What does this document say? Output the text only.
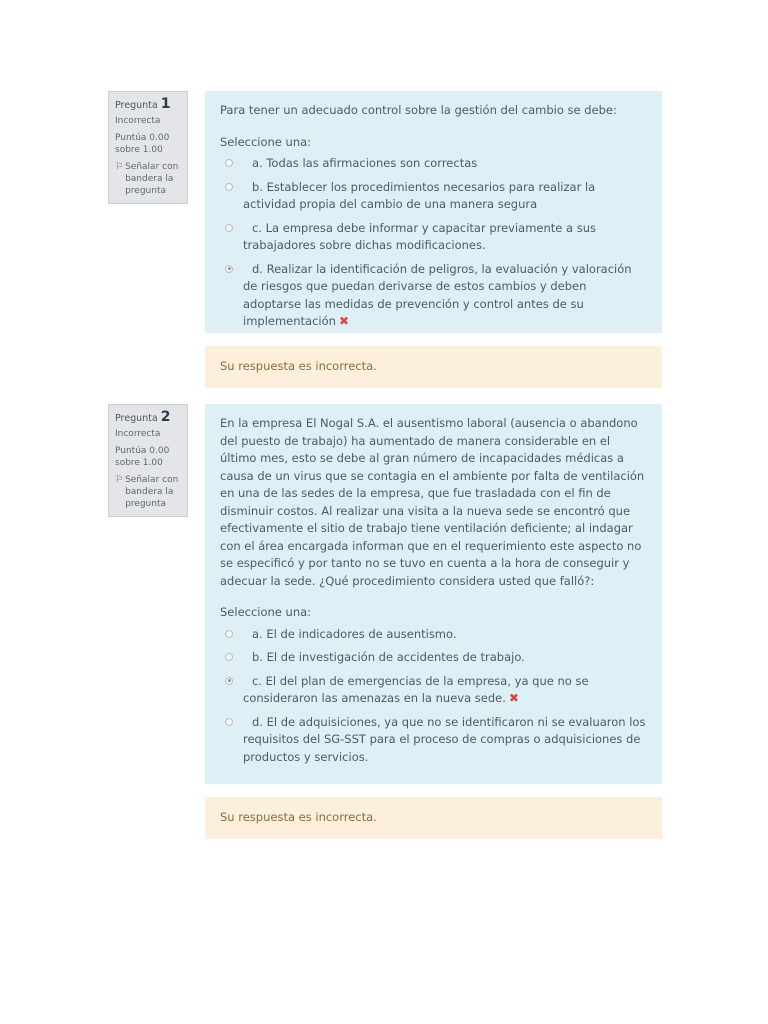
Pregunta 1
Incorrecta
Puntúa 0.00 sobre 1.00
⚐ Señalar con bandera la pregunta

Para tener un adecuado control sobre la gestión del cambio se debe:

Seleccione una:

a. Todas las afirmaciones son correctas
b. Establecer los procedimientos necesarios para realizar la actividad propia del cambio de una manera segura
c. La empresa debe informar y capacitar previamente a sus trabajadores sobre dichas modificaciones.
d. Realizar la identificación de peligros, la evaluación y valoración de riesgos que puedan derivarse de estos cambios y deben adoptarse las medidas de prevención y control antes de su implementación ✖
Su respuesta es incorrecta.
Pregunta 2
Incorrecta
Puntúa 0.00 sobre 1.00
⚐ Señalar con bandera la pregunta

En la empresa El Nogal S.A. el ausentismo laboral (ausencia o abandono del puesto de trabajo) ha aumentado de manera considerable en el último mes, esto se debe al gran número de incapacidades médicas a causa de un virus que se contagia en el ambiente por falta de ventilación en una de las sedes de la empresa, que fue trasladada con el fin de disminuir costos. Al realizar una visita a la nueva sede se encontró que efectivamente el sitio de trabajo tiene ventilación deficiente; al indagar con el área encargada informan que en el requerimiento este aspecto no se especificó y por tanto no se tuvo en cuenta a la hora de conseguir y adecuar la sede. ¿Qué procedimiento considera usted que falló?:

Seleccione una:

a. El de indicadores de ausentismo.
b. El de investigación de accidentes de trabajo.
c. El del plan de emergencias de la empresa, ya que no se consideraron las amenazas en la nueva sede. ✖
d. El de adquisiciones, ya que no se identificaron ni se evaluaron los requisitos del SG-SST para el proceso de compras o adquisiciones de productos y servicios.
Su respuesta es incorrecta.
